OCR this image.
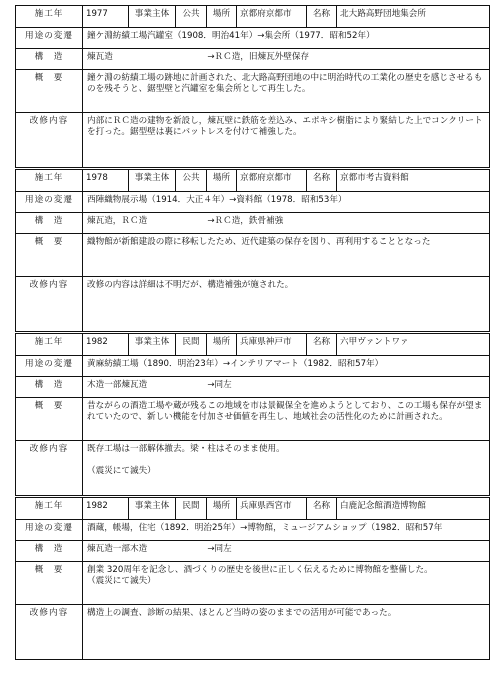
施工年	1977	事業主体	公共	場所	京都府京都市	名称	北大路高野団地集会所
用途の変遷	鐘ケ淵紡績工場汽罐室（1908．明治41年）→集会所（1977．昭和52年）
構　造	煉瓦造　　　　　　　　　　　→ＲＣ造，旧煉瓦外壁保存
概　要	鐘ケ淵の紡績工場の跡地に計画された、北大路高野団地の中に明治時代の工業化の歴史を感じさせるものを残そうと、鋸型壁と汽罐室を集会所として再生した。
改修内容	内部にＲＣ造の建物を新設し，煉瓦壁に鉄筋を差込み、エポキシ樹脂により緊結した上でコンクリートを打った。鋸型壁は裏にバットレスを付けて補強した。
施工年	1978	事業主体	公共	場所	京都府京都市	名称	京都市考古資料館
用途の変遷	西陣織物展示場（1914．大正４年）→資料館（1978．昭和53年）
構　造	煉瓦造，ＲＣ造　　　　　　　→ＲＣ造，鉄骨補強
概　要	織物館が新館建設の際に移転したため、近代建築の保存を図り、再利用することとなった
改修内容	改修の内容は詳細は不明だが、構造補強が施された。
施工年	1982	事業主体	民間	場所	兵庫県神戸市	名称	六甲ヴァントワァ
用途の変遷	黄麻紡績工場（1890．明治23年）→インテリアマート（1982．昭和57年）
構　造	木造一部煉瓦造　　　　　　　→同左
概　要	昔ながらの酒造工場や蔵が残るこの地域を市は景観保全を進めようとしており、この工場も保存が望まれていたので、新しい機能を付加させ価値を再生し、地域社会の活性化のために計画された。
改修内容	既存工場は一部解体撤去。梁・柱はそのまま使用。

（震災にて滅失）
施工年	1982	事業主体	民間	場所	兵庫県西宮市	名称	白鹿記念館酒造博物館
用途の変遷	酒蔵，帳場，住宅（1892．明治25年）→博物館，ミュージアムショップ（1982．昭和57年
構　造	煉瓦造一部木造　　　　　　　→同左
概　要	創業 320周年を記念し、酒づくりの歴史を後世に正しく伝えるために博物館を整備した。
（震災にて滅失）
改修内容	構造上の調査、診断の結果、ほとんど当時の姿のままでの活用が可能であった。
